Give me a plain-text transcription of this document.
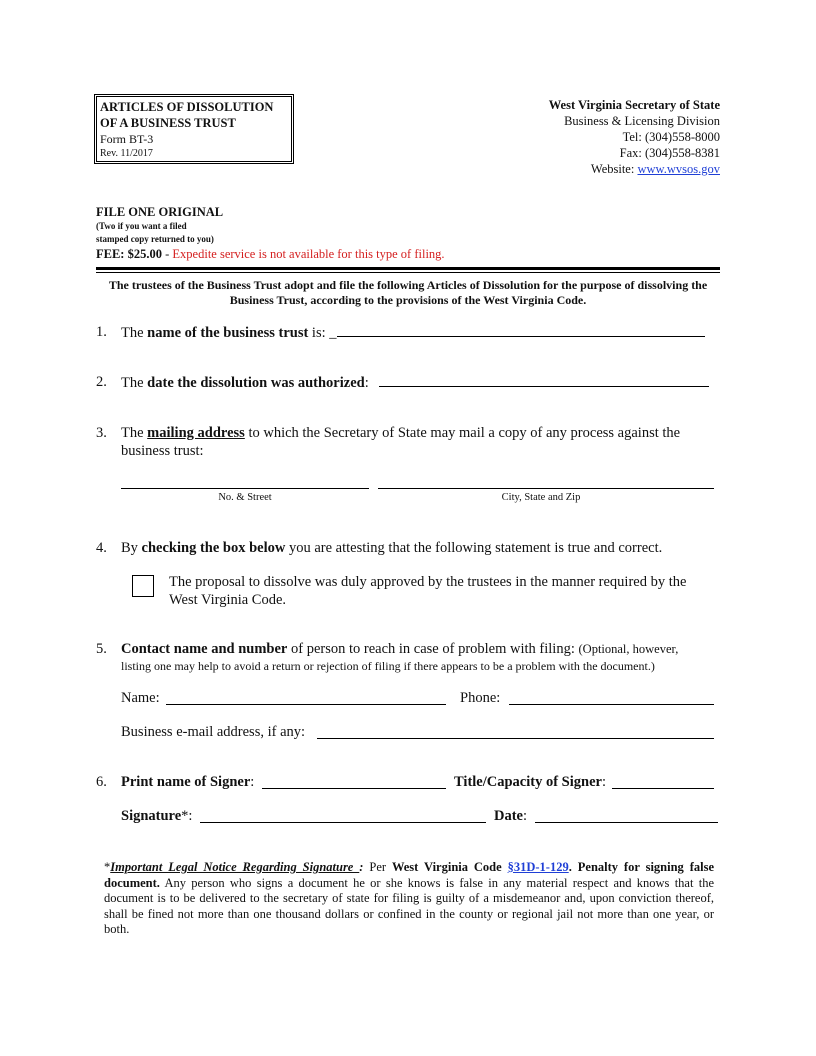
ARTICLES OF DISSOLUTION
OF A BUSINESS TRUST
Form BT-3
Rev. 11/2017
West Virginia Secretary of State
Business & Licensing Division
Tel: (304)558-8000
Fax: (304)558-8381
Website: www.wvsos.gov
FILE ONE ORIGINAL
(Two if you want a filed
stamped copy returned to you)
FEE: $25.00 - Expedite service is not available for this type of filing.
The trustees of the Business Trust adopt and file the following Articles of Dissolution for the purpose of dissolving the Business Trust, according to the provisions of the West Virginia Code.
1. The name of the business trust is: _
2. The date the dissolution was authorized:
3. The mailing address to which the Secretary of State may mail a copy of any process against the
business trust:
No. & Street	City, State and Zip
4. By checking the box below you are attesting that the following statement is true and correct.
The proposal to dissolve was duly approved by the trustees in the manner required by the
West Virginia Code.
5. Contact name and number of person to reach in case of problem with filing: (Optional, however,
listing one may help to avoid a return or rejection of filing if there appears to be a problem with the document.)
Name:	Phone:
Business e-mail address, if any:
6. Print name of Signer:	Title/Capacity of Signer:
Signature*:	Date:
*Important Legal Notice Regarding Signature : Per West Virginia Code §31D-1-129. Penalty for signing false document. Any person who signs a document he or she knows is false in any material respect and knows that the document is to be delivered to the secretary of state for filing is guilty of a misdemeanor and, upon conviction thereof, shall be fined not more than one thousand dollars or confined in the county or regional jail not more than one year, or both.
